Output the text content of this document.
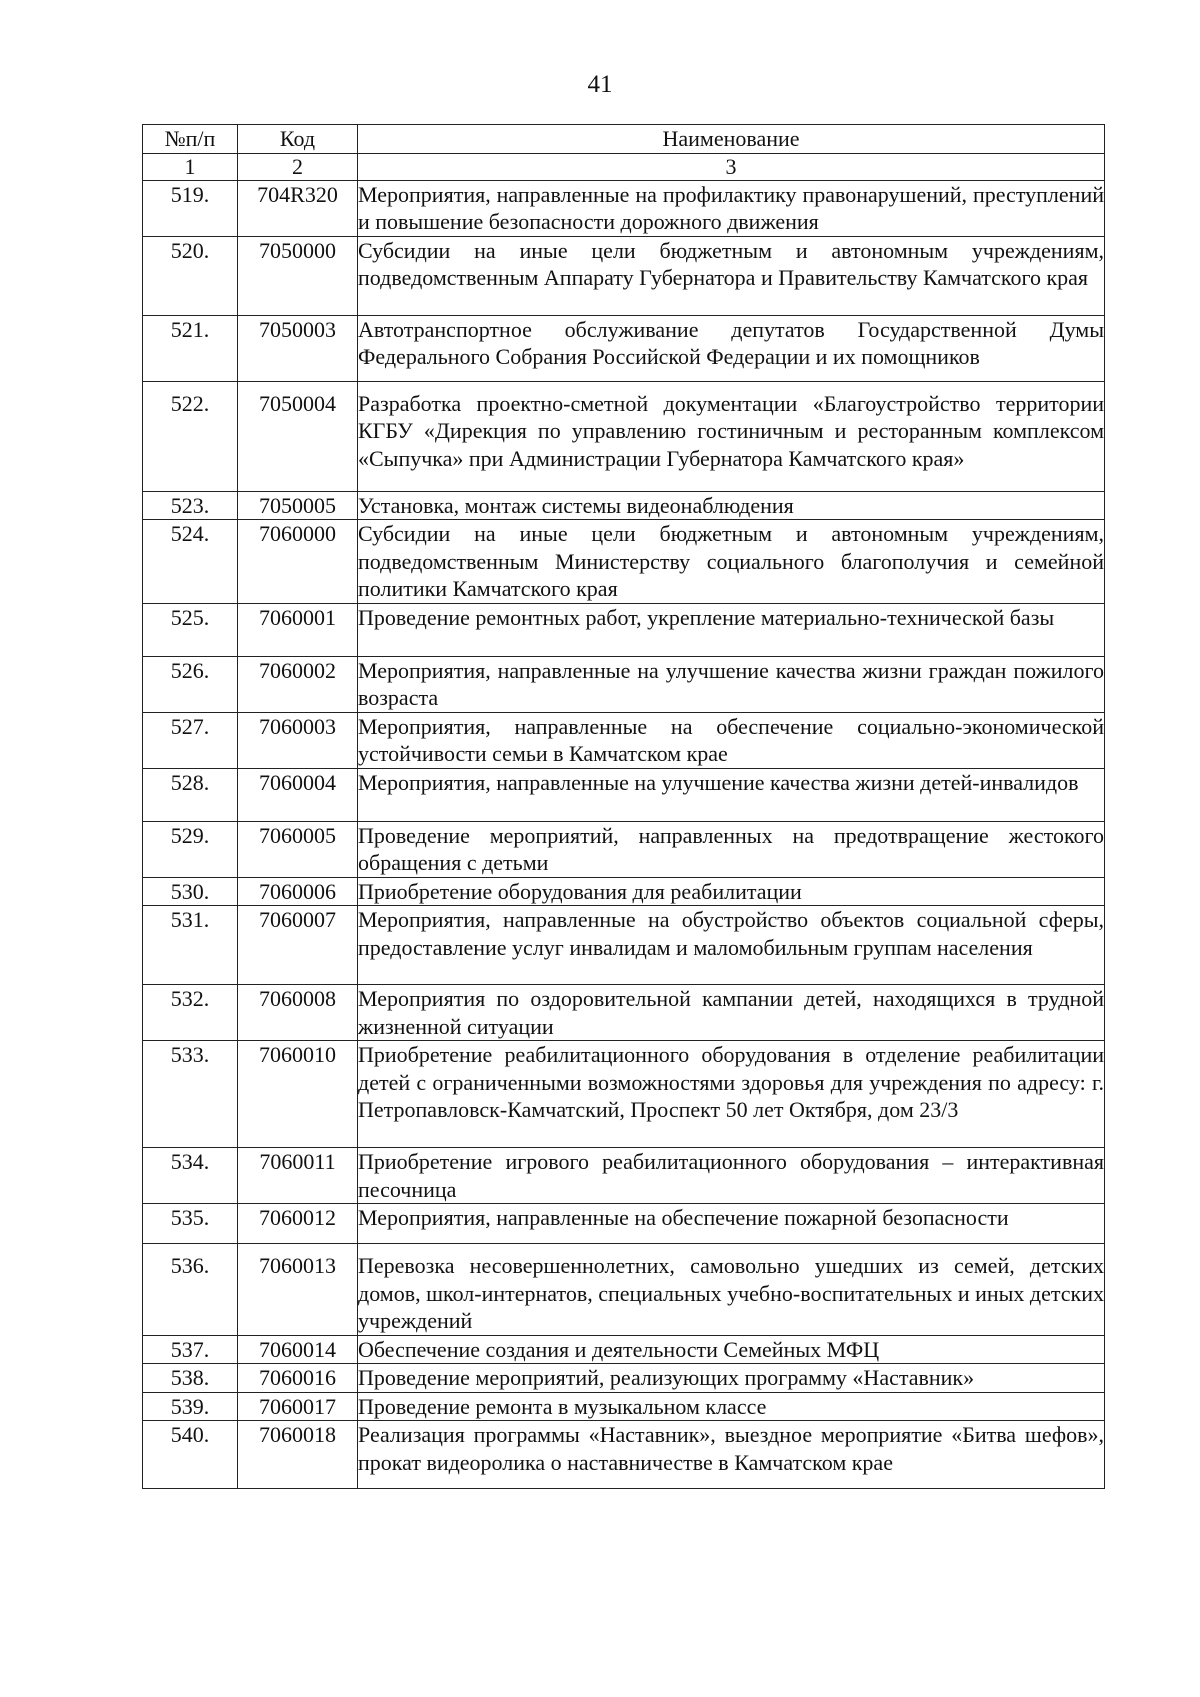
41
№п/п	Код	Наименование
1	2	3
519.	704R320	Мероприятия, направленные на профилактику правонарушений, преступлений и повышение безопасности дорожного движения
520.	7050000	Субсидии на иные цели бюджетным и автономным учреждениям, подведомственным Аппарату Губернатора и Правительству Камчатского края
521.	7050003	Автотранспортное обслуживание депутатов Государственной Думы Федерального Собрания Российской Федерации и их помощников
522.	7050004	Разработка проектно-сметной документации «Благоустройство территории КГБУ «Дирекция по управлению гостиничным и ресторанным комплексом «Сыпучка» при Администрации Губернатора Камчатского края»
523.	7050005	Установка, монтаж системы видеонаблюдения
524.	7060000	Субсидии на иные цели бюджетным и автономным учреждениям, подведомственным Министерству социального благополучия и семейной политики Камчатского края
525.	7060001	Проведение ремонтных работ, укрепление материально-технической базы
526.	7060002	Мероприятия, направленные на улучшение качества жизни граждан пожилого возраста
527.	7060003	Мероприятия, направленные на обеспечение социально-экономической устойчивости семьи в Камчатском крае
528.	7060004	Мероприятия, направленные на улучшение качества жизни детей-инвалидов
529.	7060005	Проведение мероприятий, направленных на предотвращение жестокого обращения с детьми
530.	7060006	Приобретение оборудования для реабилитации
531.	7060007	Мероприятия, направленные на обустройство объектов социальной сферы, предоставление услуг инвалидам и маломобильным группам населения
532.	7060008	Мероприятия по оздоровительной кампании детей, находящихся в трудной жизненной ситуации
533.	7060010	Приобретение реабилитационного оборудования в отделение реабилитации детей с ограниченными возможностями здоровья для учреждения по адресу: г. Петропавловск-Камчатский, Проспект 50 лет Октября, дом 23/3
534.	7060011	Приобретение игрового реабилитационного оборудования – интерактивная песочница
535.	7060012	Мероприятия, направленные на обеспечение пожарной безопасности
536.	7060013	Перевозка несовершеннолетних, самовольно ушедших из семей, детских домов, школ-интернатов, специальных учебно-воспитательных и иных детских учреждений
537.	7060014	Обеспечение создания и деятельности Семейных МФЦ
538.	7060016	Проведение мероприятий, реализующих программу «Наставник»
539.	7060017	Проведение ремонта в музыкальном классе
540.	7060018	Реализация программы «Наставник», выездное мероприятие «Битва шефов», прокат видеоролика о наставничестве в Камчатском крае
